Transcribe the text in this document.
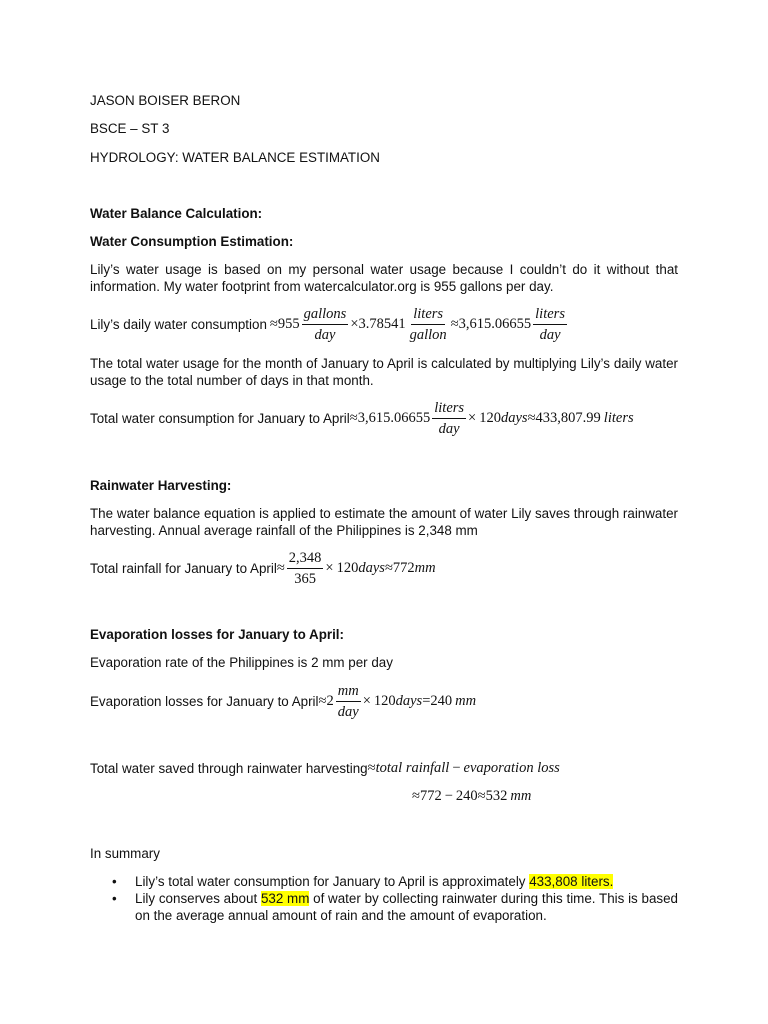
JASON BOISER BERON
BSCE – ST 3
HYDROLOGY: WATER BALANCE ESTIMATION
Water Balance Calculation:
Water Consumption Estimation:
Lily’s water usage is based on my personal water usage because I couldn’t do it without that information. My water footprint from watercalculator.org is 955 gallons per day.
Lily’s daily water consumption ≈ $955 \frac{\text{gallons}}{\text{day}} \times 3.78541 \frac{\text{liters}}{\text{gallon}} \approx 3,615.06655 \frac{\text{liters}}{\text{day}}$
The total water usage for the month of January to April is calculated by multiplying Lily’s daily water usage to the total number of days in that month.
Total water consumption for January to April ≈ $3,615.06655 \frac{\text{liters}}{\text{day}} \times 120$ days ≈ 433,807.99 liters
Rainwater Harvesting:
The water balance equation is applied to estimate the amount of water Lily saves through rainwater harvesting. Annual average rainfall of the Philippines is 2,348 mm
Total rainfall for January to April ≈ $\frac{2,348}{365} \times 120$ days ≈ 772 mm
Evaporation losses for January to April:
Evaporation rate of the Philippines is 2 mm per day
Evaporation losses for January to April ≈ $2 \frac{mm}{\text{day}} \times 120$ days = 240 mm
Total water saved through rainwater harvesting ≈ total rainfall − evaporation loss
≈ 772 − 240 ≈ 532 mm
In summary
• Lily’s total water consumption for January to April is approximately 433,808 liters.
• Lily conserves about 532 mm of water by collecting rainwater during this time. This is based on the average annual amount of rain and the amount of evaporation.
